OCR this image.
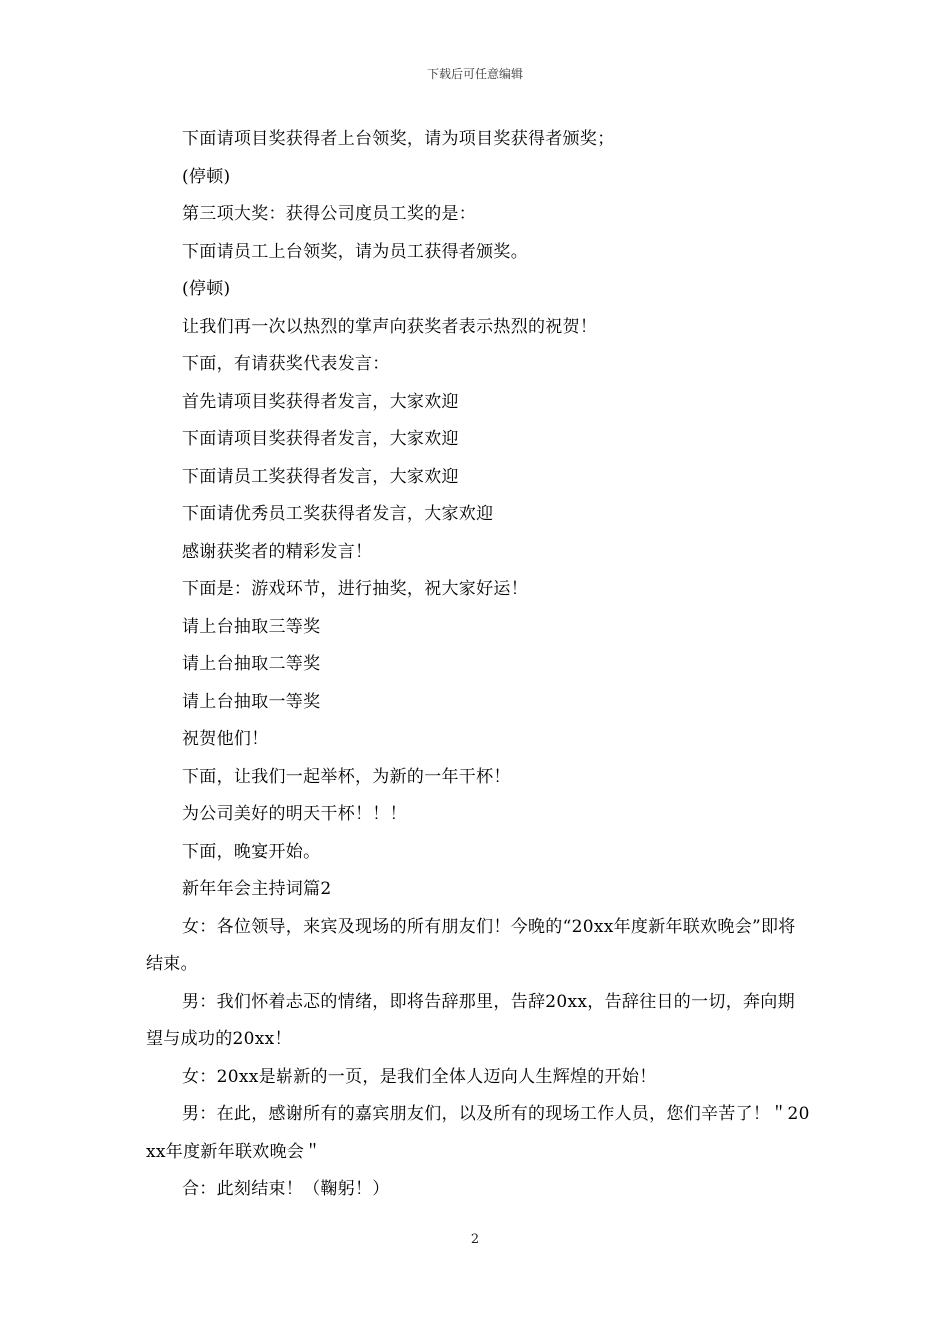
下载后可任意编辑

下面请项目奖获得者上台领奖，请为项目奖获得者颁奖；

(停顿)

第三项大奖：获得公司度员工奖的是：

下面请员工上台领奖，请为员工获得者颁奖。

(停顿)

让我们再一次以热烈的掌声向获奖者表示热烈的祝贺！

下面，有请获奖代表发言：

首先请项目奖获得者发言，大家欢迎

下面请项目奖获得者发言，大家欢迎

下面请员工奖获得者发言，大家欢迎

下面请优秀员工奖获得者发言，大家欢迎

感谢获奖者的精彩发言！

下面是：游戏环节，进行抽奖，祝大家好运！

请上台抽取三等奖

请上台抽取二等奖

请上台抽取一等奖

祝贺他们！

下面，让我们一起举杯，为新的一年干杯！

为公司美好的明天干杯！！！

下面，晚宴开始。

新年年会主持词篇2

女：各位领导，来宾及现场的所有朋友们！今晚的“20xx年度新年联欢晚会”即将结束。

男：我们怀着忐忑的情绪，即将告辞那里，告辞20xx，告辞往日的一切，奔向期望与成功的20xx！

女：20xx是崭新的一页，是我们全体人迈向人生辉煌的开始！

男：在此，感谢所有的嘉宾朋友们，以及所有的现场工作人员，您们辛苦了！＂20xx年度新年联欢晚会＂

合：此刻结束！（鞠躬！）

2
